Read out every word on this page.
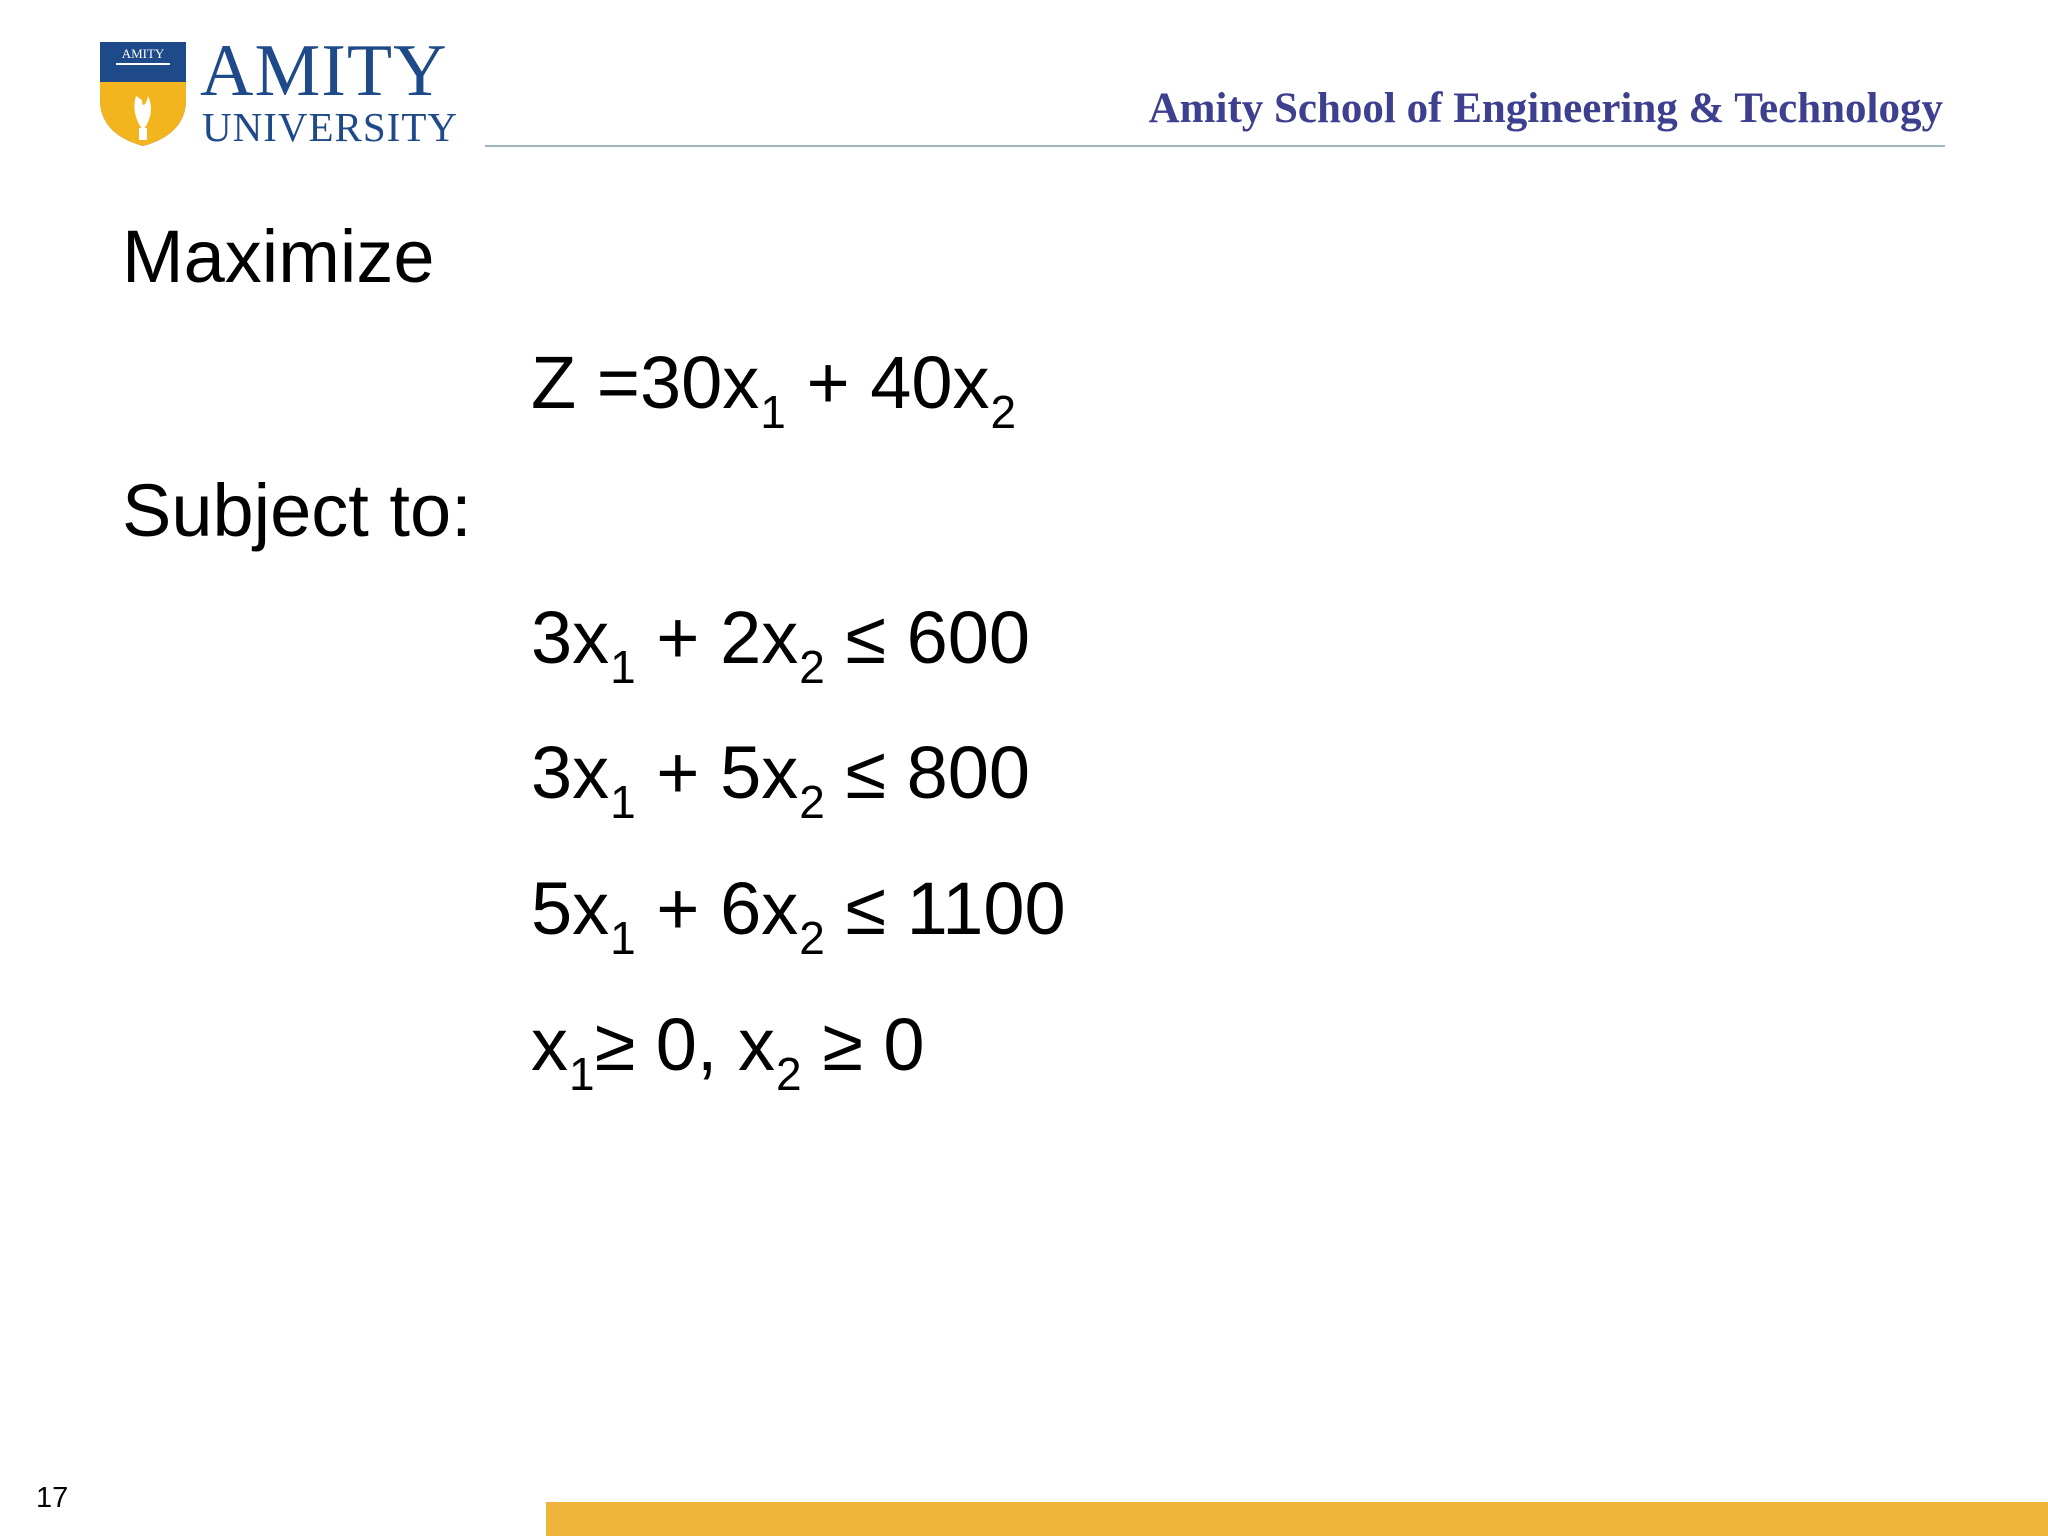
AMITY AMITY
UNIVERSITY	Amity School of Engineering & Technology
Maximize
$Z =30x_1 + 40x_2$
Subject to:
$3x_1 + 2x_2 \le 600$
$3x_1 + 5x_2 \le 800$
$5x_1 + 6x_2 \le 1100$
$x_1\ge 0$, $x_2 \ge 0$
17
